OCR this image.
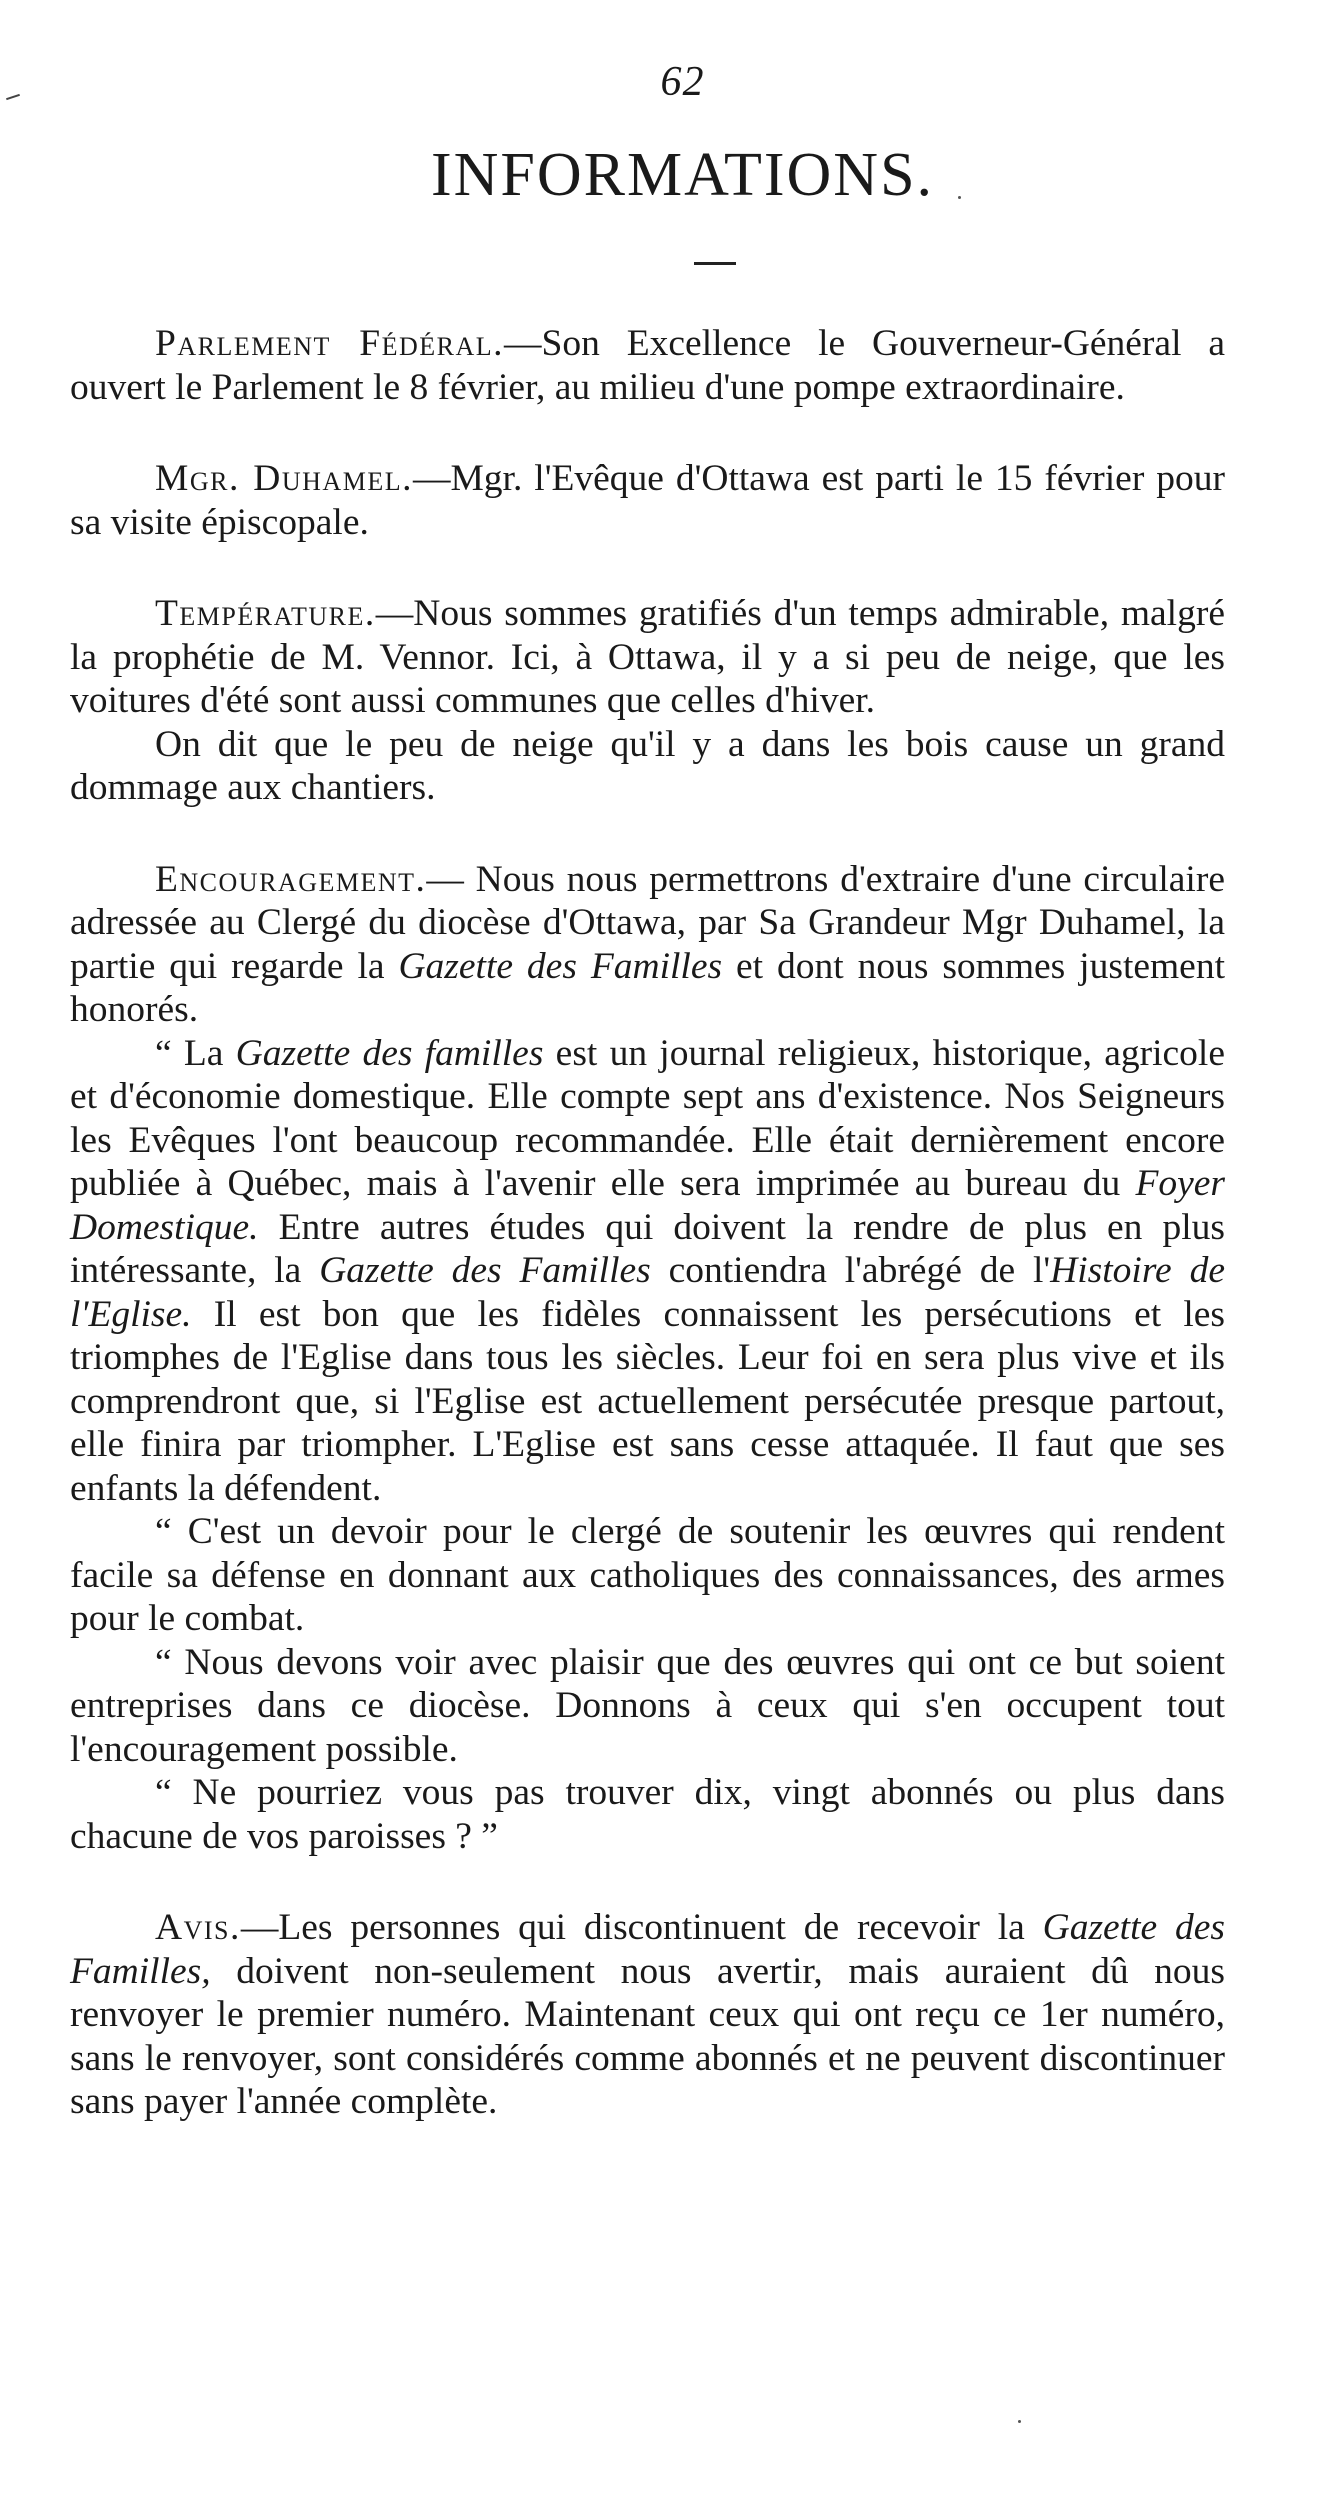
62
INFORMATIONS.

Parlement Fédéral.—Son Excellence le Gouverneur-Général a ouvert le Parlement le 8 février, au milieu d'une pompe extraordinaire.

Mgr. Duhamel.—Mgr. l'Evêque d'Ottawa est parti le 15 février pour sa visite épiscopale.

Température.—Nous sommes gratifiés d'un temps admirable, malgré la prophétie de M. Vennor. Ici, à Ottawa, il y a si peu de neige, que les voitures d'été sont aussi communes que celles d'hiver.

On dit que le peu de neige qu'il y a dans les bois cause un grand dommage aux chantiers.

Encouragement.— Nous nous permettrons d'extraire d'une circulaire adressée au Clergé du diocèse d'Ottawa, par Sa Grandeur Mgr Duhamel, la partie qui regarde la Gazette des Familles et dont nous sommes justement honorés.

“ La Gazette des familles est un journal religieux, historique, agricole et d'économie domestique. Elle compte sept ans d'existence. Nos Seigneurs les Evêques l'ont beaucoup recommandée. Elle était dernièrement encore publiée à Québec, mais à l'avenir elle sera imprimée au bureau du Foyer Domestique. Entre autres études qui doivent la rendre de plus en plus intéressante, la Gazette des Familles contiendra l'abrégé de l'Histoire de l'Eglise. Il est bon que les fidèles connaissent les persécutions et les triomphes de l'Eglise dans tous les siècles. Leur foi en sera plus vive et ils comprendront que, si l'Eglise est actuellement persécutée presque partout, elle finira par triompher. L'Eglise est sans cesse attaquée. Il faut que ses enfants la défendent.

“ C'est un devoir pour le clergé de soutenir les œuvres qui rendent facile sa défense en donnant aux catholiques des connaissances, des armes pour le combat.

“ Nous devons voir avec plaisir que des œuvres qui ont ce but soient entreprises dans ce diocèse. Donnons à ceux qui s'en occupent tout l'encouragement possible.

“ Ne pourriez vous pas trouver dix, vingt abonnés ou plus dans chacune de vos paroisses ? ”

Avis.—Les personnes qui discontinuent de recevoir la Gazette des Familles, doivent non-seulement nous avertir, mais auraient dû nous renvoyer le premier numéro. Maintenant ceux qui ont reçu ce 1er numéro, sans le renvoyer, sont considérés comme abonnés et ne peuvent discontinuer sans payer l'année complète.
